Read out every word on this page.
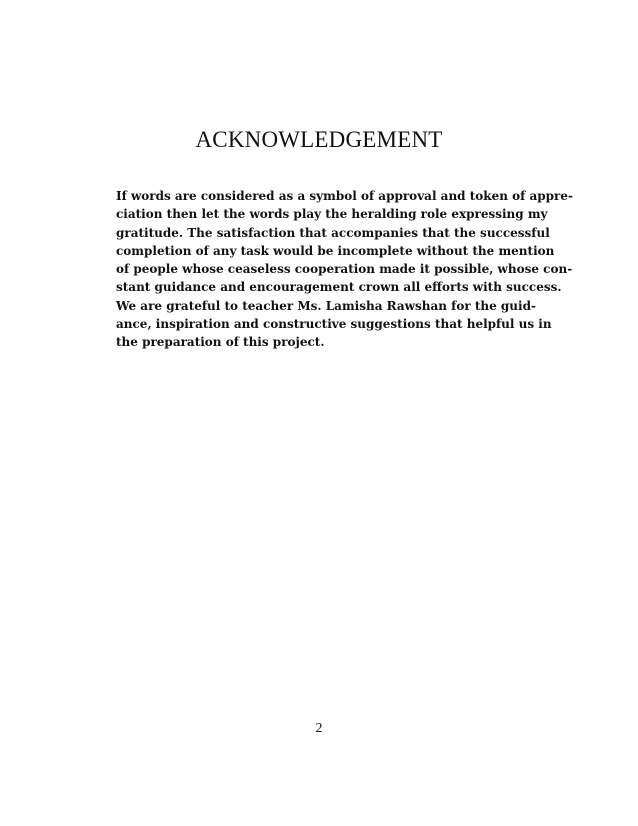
ACKNOWLEDGEMENT
If words are considered as a symbol of approval and token of appre-
ciation then let the words play the heralding role expressing my
gratitude. The satisfaction that accompanies that the successful
completion of any task would be incomplete without the mention
of people whose ceaseless cooperation made it possible, whose con-
stant guidance and encouragement crown all efforts with success.
We are grateful to teacher Ms. Lamisha Rawshan for the guid-
ance, inspiration and constructive suggestions that helpful us in
the preparation of this project.
2
